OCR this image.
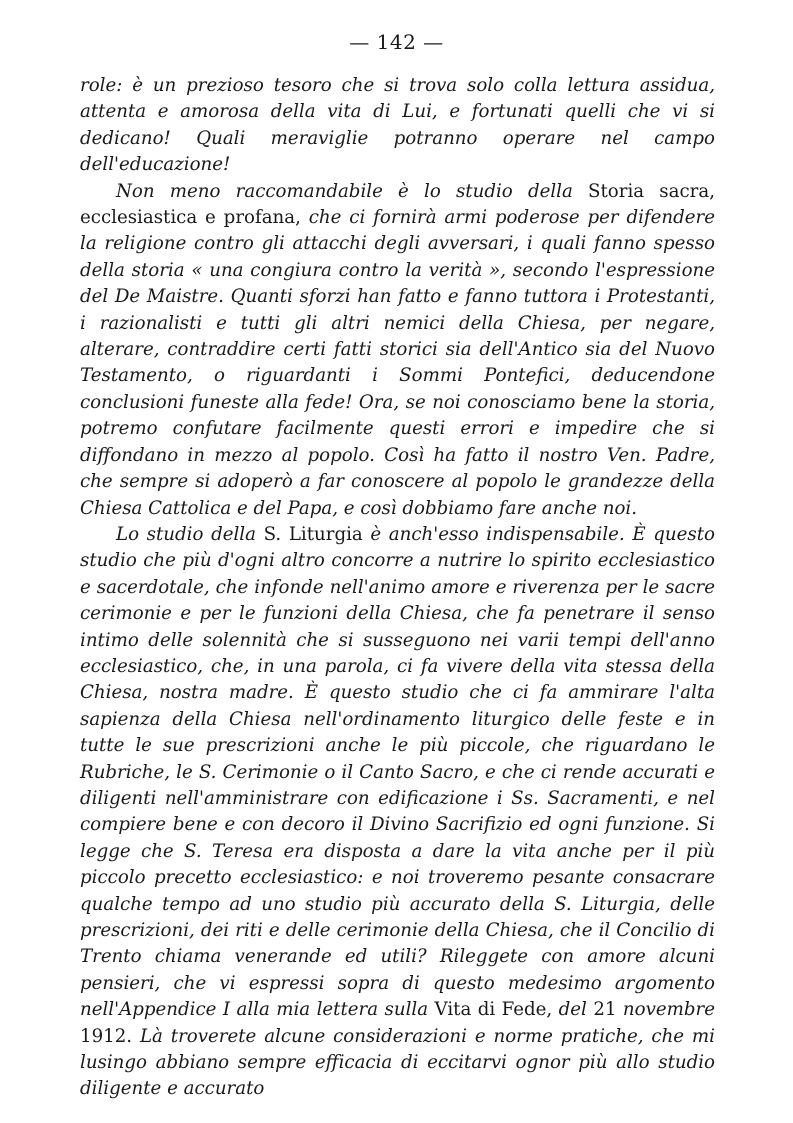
— 142 —

role: è un prezioso tesoro che si trova solo colla lettura assidua, attenta e amorosa della vita di Lui, e fortunati quelli che vi si dedicano! Quali meraviglie potranno operare nel campo dell'educazione!

Non meno raccomandabile è lo studio della Storia sacra, ecclesiastica e profana, che ci fornirà armi poderose per difendere la religione contro gli attacchi degli avversari, i quali fanno spesso della storia « una congiura contro la verità », secondo l'espressione del De Maistre. Quanti sforzi han fatto e fanno tuttora i Protestanti, i razionalisti e tutti gli altri nemici della Chiesa, per negare, alterare, contraddire certi fatti storici sia dell'Antico sia del Nuovo Testamento, o riguardanti i Sommi Pontefici, deducendone conclusioni funeste alla fede! Ora, se noi conosciamo bene la storia, potremo confutare facilmente questi errori e impedire che si diffondano in mezzo al popolo. Così ha fatto il nostro Ven. Padre, che sempre si adoperò a far conoscere al popolo le grandezze della Chiesa Cattolica e del Papa, e così dobbiamo fare anche noi.

Lo studio della S. Liturgia è anch'esso indispensabile. È questo studio che più d'ogni altro concorre a nutrire lo spirito ecclesiastico e sacerdotale, che infonde nell'animo amore e riverenza per le sacre cerimonie e per le funzioni della Chiesa, che fa penetrare il senso intimo delle solennità che si susseguono nei varii tempi dell'anno ecclesiastico, che, in una parola, ci fa vivere della vita stessa della Chiesa, nostra madre. È questo studio che ci fa ammirare l'alta sapienza della Chiesa nell'ordinamento liturgico delle feste e in tutte le sue prescrizioni anche le più piccole, che riguardano le Rubriche, le S. Cerimonie o il Canto Sacro, e che ci rende accurati e diligenti nell'amministrare con edificazione i Ss. Sacramenti, e nel compiere bene e con decoro il Divino Sacrifizio ed ogni funzione. Si legge che S. Teresa era disposta a dare la vita anche per il più piccolo precetto ecclesiastico: e noi troveremo pesante consacrare qualche tempo ad uno studio più accurato della S. Liturgia, delle prescrizioni, dei riti e delle cerimonie della Chiesa, che il Concilio di Trento chiama venerande ed utili? Rileggete con amore alcuni pensieri, che vi espressi sopra di questo medesimo argomento nell'Appendice I alla mia lettera sulla Vita di Fede, del 21 novembre 1912. Là troverete alcune considerazioni e norme pratiche, che mi lusingo abbiano sempre efficacia di eccitarvi ognor più allo studio diligente e accurato
